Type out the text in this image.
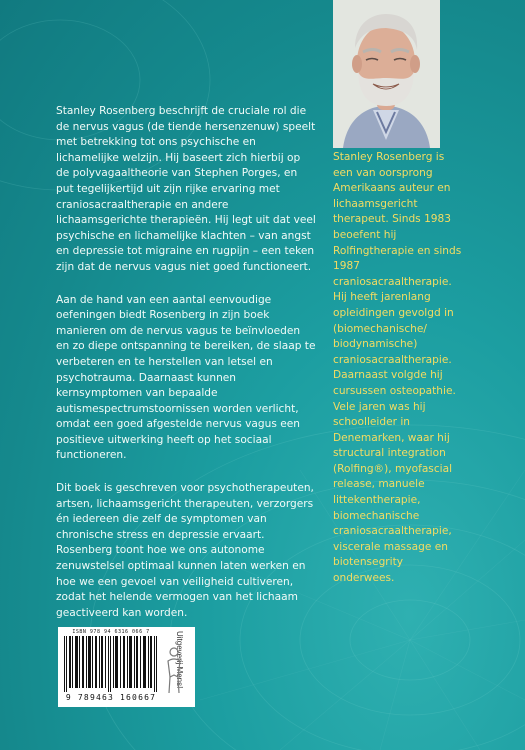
Stanley Rosenberg beschrijft de cruciale rol die de nervus vagus (de tiende hersenzenuw) speelt met betrekking tot ons psychische en lichamelijke welzijn. Hij baseert zich hierbij op de polyvagaaltheorie van Stephen Porges, en put tegelijkertijd uit zijn rijke ervaring met craniosacraaltherapie en andere lichaamsgerichte therapieën. Hij legt uit dat veel psychische en lichamelijke klachten – van angst en depressie tot migraine en rugpijn – een teken zijn dat de nervus vagus niet goed functioneert.

Aan de hand van een aantal eenvoudige oefeningen biedt Rosenberg in zijn boek manieren om de nervus vagus te beïnvloeden en zo diepe ontspanning te bereiken, de slaap te verbeteren en te herstellen van letsel en psychotrauma. Daarnaast kunnen kernsymptomen van bepaalde autismespectrumstoornissen worden verlicht, omdat een goed afgestelde nervus vagus een positieve uitwerking heeft op het sociaal functioneren.

Dit boek is geschreven voor psychotherapeuten, artsen, lichaamsgericht therapeuten, verzorgers én iedereen die zelf de symptomen van chronische stress en depressie ervaart. Rosenberg toont hoe we ons autonome zenuwstelsel optimaal kunnen laten werken en hoe we een gevoel van veiligheid cultiveren, zodat het helende vermogen van het lichaam geactiveerd kan worden.

Stanley Rosenberg is een van oorsprong Amerikaans auteur en lichaamsgericht therapeut. Sinds 1983 beoefent hij Rolfingtherapie en sinds 1987 craniosacraaltherapie. Hij heeft jarenlang opleidingen gevolgd in (biomechanische/ biodynamische) craniosacraaltherapie. Daarnaast volgde hij cursussen osteopathie. Vele jaren was hij schoolleider in Denemarken, waar hij structural integration (Rolfing®), myofascial release, manuele littekentherapie, biomechanische craniosacraaltherapie, viscerale massage en biotensegrity onderwees.
ISBN 978 94 6316 066 7
9 789463 160667
Uitgeverij Mens!
